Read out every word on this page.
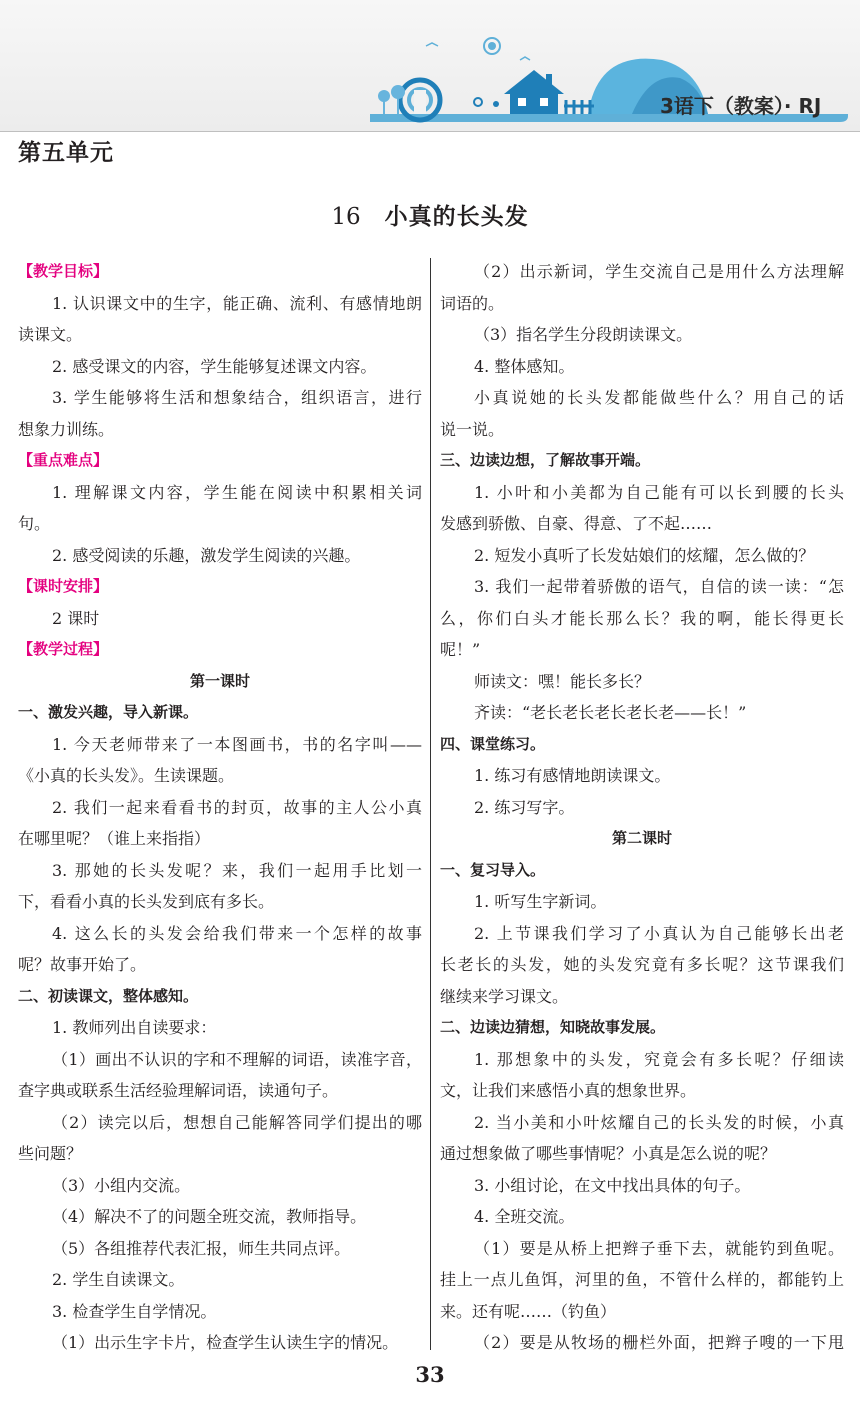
3语下（教案）· RJ
第五单元
16 小真的长头发
【教学目标】
1. 认识课文中的生字，能正确、流利、有感情地朗
读课文。
2. 感受课文的内容，学生能够复述课文内容。
3. 学生能够将生活和想象结合，组织语言，进行
想象力训练。
【重点难点】
1. 理解课文内容，学生能在阅读中积累相关词
句。
2. 感受阅读的乐趣，激发学生阅读的兴趣。
【课时安排】
2 课时
【教学过程】
第一课时
一、激发兴趣，导入新课。
1. 今天老师带来了一本图画书，书的名字叫——
《小真的长头发》。生读课题。
2. 我们一起来看看书的封页，故事的主人公小真
在哪里呢？（谁上来指指）
3. 那她的长头发呢？来，我们一起用手比划一
下，看看小真的长头发到底有多长。
4. 这么长的头发会给我们带来一个怎样的故事
呢？故事开始了。
二、初读课文，整体感知。
1. 教师列出自读要求：
（1）画出不认识的字和不理解的词语，读准字音，
查字典或联系生活经验理解词语，读通句子。
（2）读完以后，想想自己能解答同学们提出的哪
些问题？
（3）小组内交流。
（4）解决不了的问题全班交流，教师指导。
（5）各组推荐代表汇报，师生共同点评。
2. 学生自读课文。
3. 检查学生自学情况。
（1）出示生字卡片，检查学生认读生字的情况。
（2）出示新词，学生交流自己是用什么方法理解
词语的。
（3）指名学生分段朗读课文。
4. 整体感知。
小真说她的长头发都能做些什么？用自己的话
说一说。
三、边读边想，了解故事开端。
1. 小叶和小美都为自己能有可以长到腰的长头
发感到骄傲、自豪、得意、了不起……
2. 短发小真听了长发姑娘们的炫耀，怎么做的？
3. 我们一起带着骄傲的语气，自信的读一读：“怎
么，你们白头才能长那么长？我的啊，能长得更长
呢！”
师读文：嘿！能长多长？
齐读：“老长老长老长老长老——长！”
四、课堂练习。
1. 练习有感情地朗读课文。
2. 练习写字。
第二课时
一、复习导入。
1. 听写生字新词。
2. 上节课我们学习了小真认为自己能够长出老
长老长的头发，她的头发究竟有多长呢？这节课我们
继续来学习课文。
二、边读边猜想，知晓故事发展。
1. 那想象中的头发，究竟会有多长呢？仔细读
文，让我们来感悟小真的想象世界。
2. 当小美和小叶炫耀自己的长头发的时候，小真
通过想象做了哪些事情呢？小真是怎么说的呢？
3. 小组讨论，在文中找出具体的句子。
4. 全班交流。
（1）要是从桥上把辫子垂下去，就能钓到鱼呢。
挂上一点儿鱼饵，河里的鱼，不管什么样的，都能钓上
来。还有呢……（钓鱼）
（2）要是从牧场的栅栏外面，把辫子嗖的一下甩
33
